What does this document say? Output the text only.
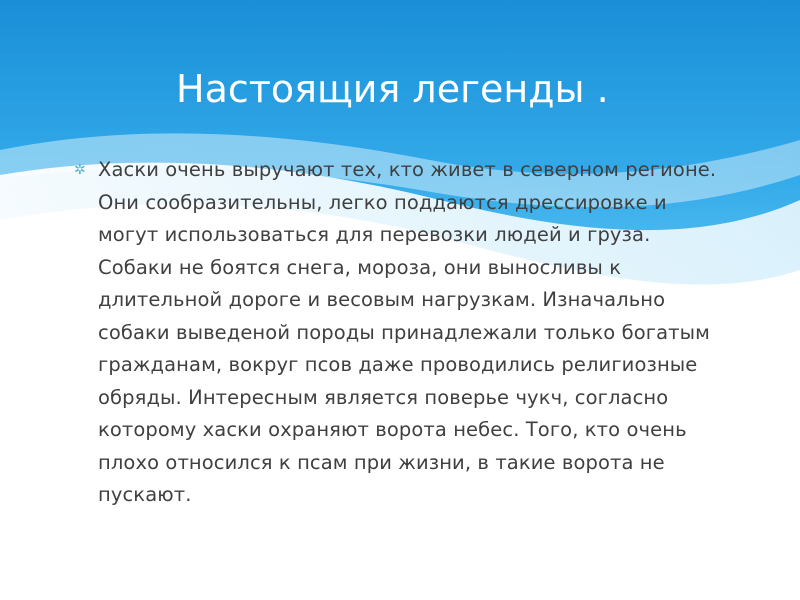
Настоящия легенды .
✲ Хаски очень выручают тех, кто живет в северном регионе. Они сообразительны, легко поддаются дрессировке и могут использоваться для перевозки людей и груза. Собаки не боятся снега, мороза, они выносливы к длительной дороге и весовым нагрузкам. Изначально собаки выведеной породы принадлежали только богатым гражданам, вокруг псов даже проводились религиозные обряды. Интересным является поверье чукч, согласно которому хаски охраняют ворота небес. Того, кто очень плохо относился к псам при жизни, в такие ворота не пускают.
